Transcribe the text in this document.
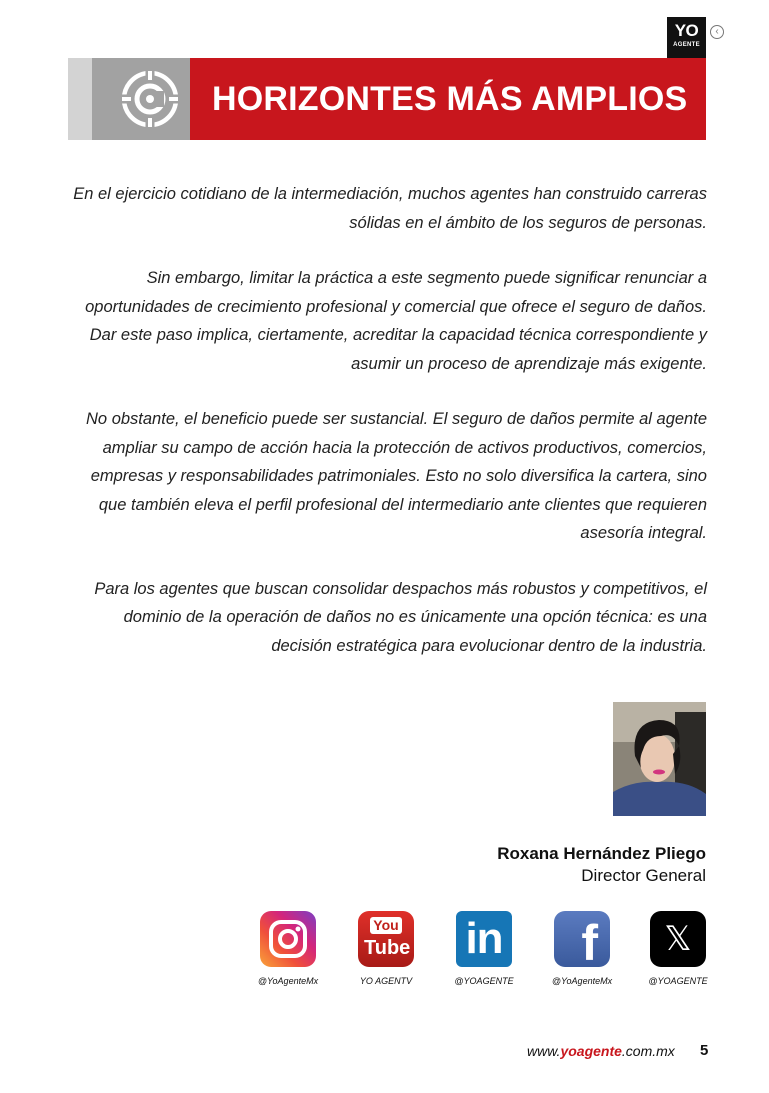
YO
AGENTE
‹
HORIZONTES MÁS AMPLIOS

En el ejercicio cotidiano de la intermediación, muchos agentes han construido carreras sólidas en el ámbito de los seguros de personas.

Sin embargo, limitar la práctica a este segmento puede significar renunciar a oportunidades de crecimiento profesional y comercial que ofrece el seguro de daños. Dar este paso implica, ciertamente, acreditar la capacidad técnica correspondiente y asumir un proceso de aprendizaje más exigente.

No obstante, el beneficio puede ser sustancial. El seguro de daños permite al agente ampliar su campo de acción hacia la protección de activos productivos, comercios, empresas y responsabilidades patrimoniales. Esto no solo diversifica la cartera, sino que también eleva el perfil profesional del intermediario ante clientes que requieren asesoría integral.

Para los agentes que buscan consolidar despachos más robustos y competitivos, el dominio de la operación de daños no es únicamente una opción técnica: es una decisión estratégica para evolucionar dentro de la industria.

Roxana Hernández Pliego
Director General
@YoAgenteMx
You
Tube
YO AGENTV
in
@YOAGENTE
f
@YoAgenteMx
𝕏
@YOAGENTE
www.yoagente.com.mx 5
